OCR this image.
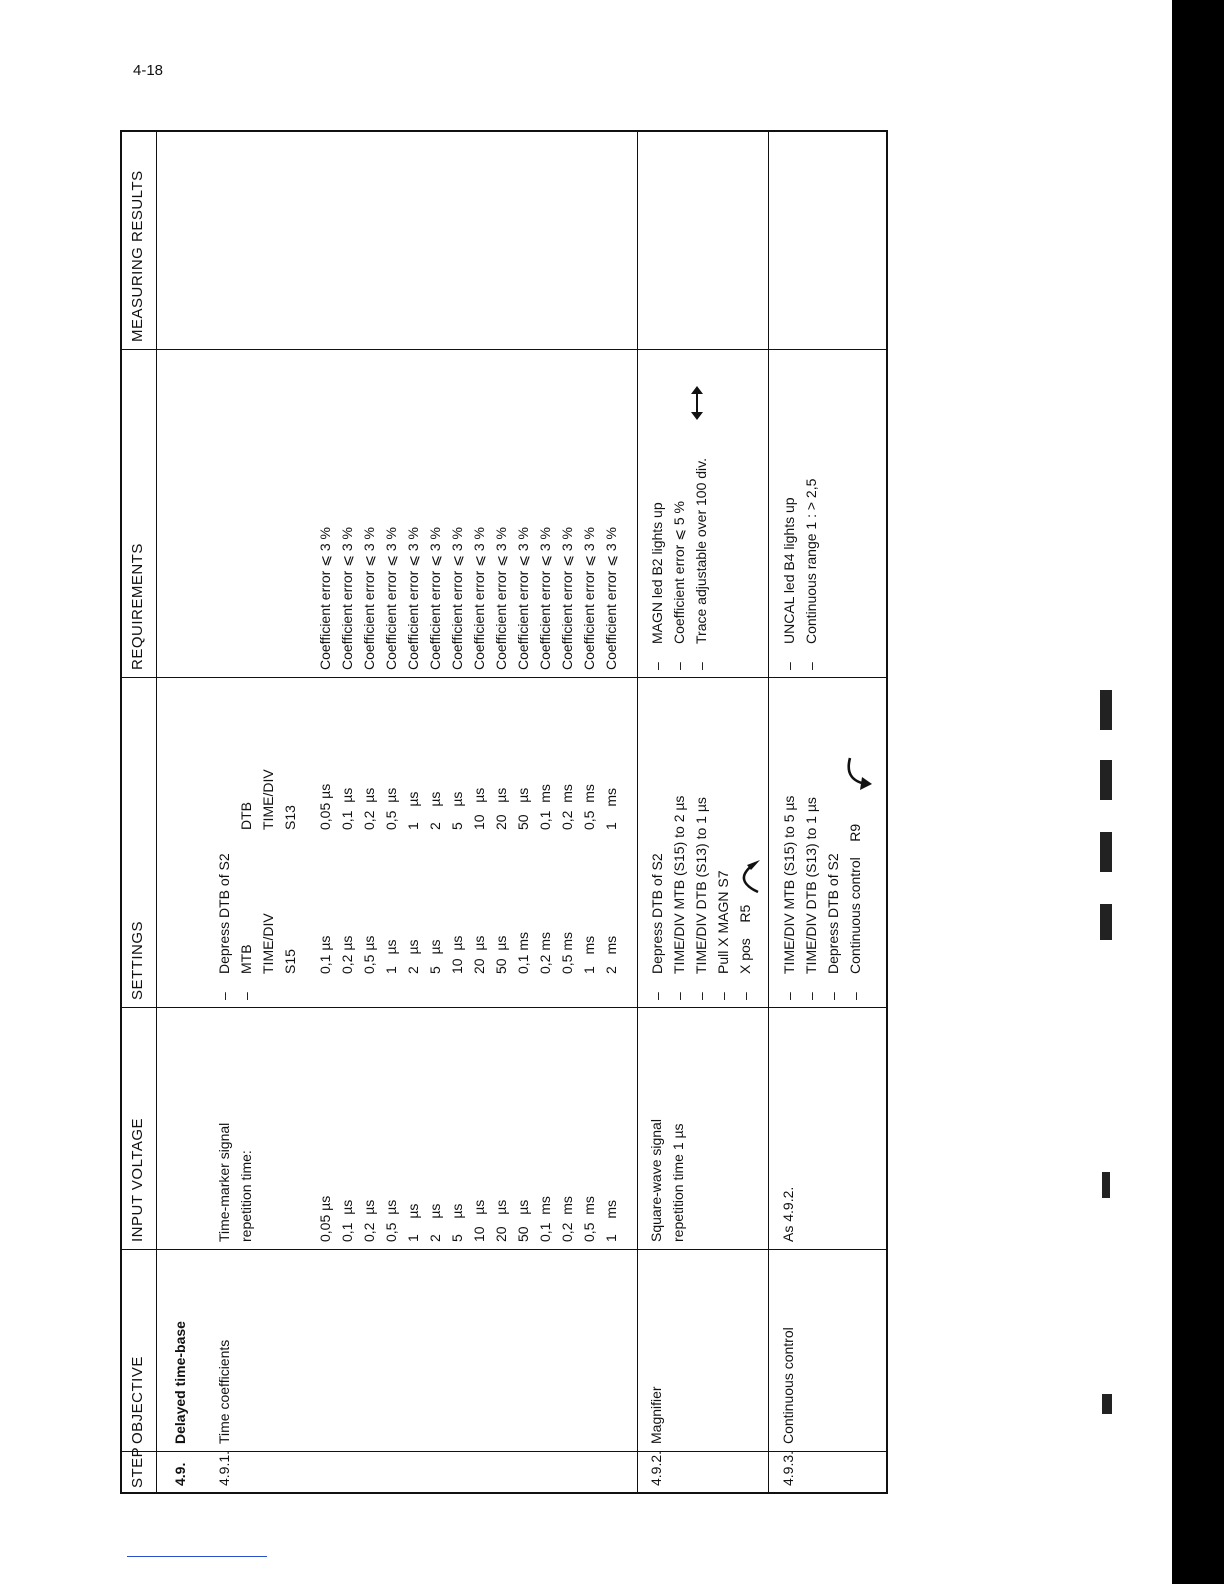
4-18
STEP
OBJECTIVE
INPUT VOLTAGE
SETTINGS
REQUIREMENTS
MEASURING RESULTS
4.9.
Delayed time-base
4.9.1.
Time coefficients
Time-marker signal repetition time:	0,05 µs 0,1  µs 0,2  µs 0,5  µs 1    µs 2    µs 5    µs 10   µs 20   µs 50   µs 0,1  ms 0,2  ms 0,5  ms 1    ms
–Depress DTB of S2
–MTB TIME/DIV S15
DTB TIME/DIV S13
0,1 µs 0,2 µs 0,5 µs 1   µs 2   µs 5   µs 10  µs 20  µs 50  µs 0,1 ms 0,2 ms 0,5 ms 1   ms 2   ms
0,05 µs 0,1  µs 0,2  µs 0,5  µs 1    µs 2    µs 5    µs 10   µs 20   µs 50   µs 0,1  ms 0,2  ms 0,5  ms 1    ms
Coefficient error ⩽ 3 % Coefficient error ⩽ 3 % Coefficient error ⩽ 3 % Coefficient error ⩽ 3 % Coefficient error ⩽ 3 % Coefficient error ⩽ 3 % Coefficient error ⩽ 3 % Coefficient error ⩽ 3 % Coefficient error ⩽ 3 % Coefficient error ⩽ 3 % Coefficient error ⩽ 3 % Coefficient error ⩽ 3 % Coefficient error ⩽ 3 % Coefficient error ⩽ 3 %
4.9.2.
Magnifier
Square-wave signal repetition time 1 µs
–Depress DTB of S2
–TIME/DIV MTB (S15) to 2 µs
–TIME/DIV DTB (S13) to 1 µs
–Pull X MAGN S7
–X pos    R5
–MAGN led B2 lights up
–Coefficient error ⩽ 5 %
–Trace adjustable over 100 div.
4.9.3.
Continuous control
As 4.9.2.
–TIME/DIV MTB (S15) to 5 µs
–TIME/DIV DTB (S13) to 1 µs
–Depress DTB of S2
–Continuous control    R9
–UNCAL led B4 lights up
–Continuous range 1 : > 2,5
